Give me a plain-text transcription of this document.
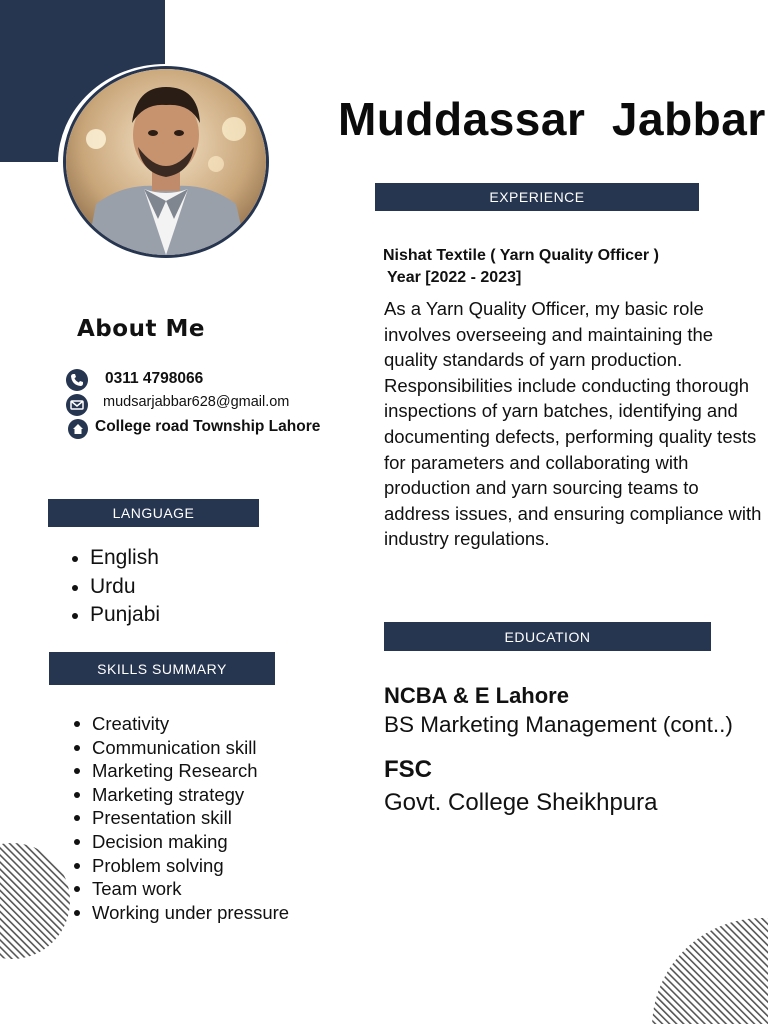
Muddassar  Jabbar
EXPERIENCE
Nishat Textile ( Yarn Quality Officer )
Year [2022 - 2023]
As a Yarn Quality Officer, my basic role involves overseeing and maintaining the quality standards of yarn production. Responsibilities include conducting thorough inspections of yarn batches, identifying and documenting defects, performing quality tests for parameters and collaborating with production and yarn sourcing teams to address issues, and ensuring compliance with industry regulations.
About Me
0311 4798066
mudsarjabbar628@gmail.om
College road Township Lahore
LANGUAGE
English
Urdu
Punjabi
SKILLS SUMMARY
Creativity
Communication skill
Marketing Research
Marketing strategy
Presentation skill
Decision making
Problem solving
Team work
Working under pressure
EDUCATION
NCBA & E Lahore
BS Marketing Management (cont..)
FSC
Govt. College Sheikhpura
